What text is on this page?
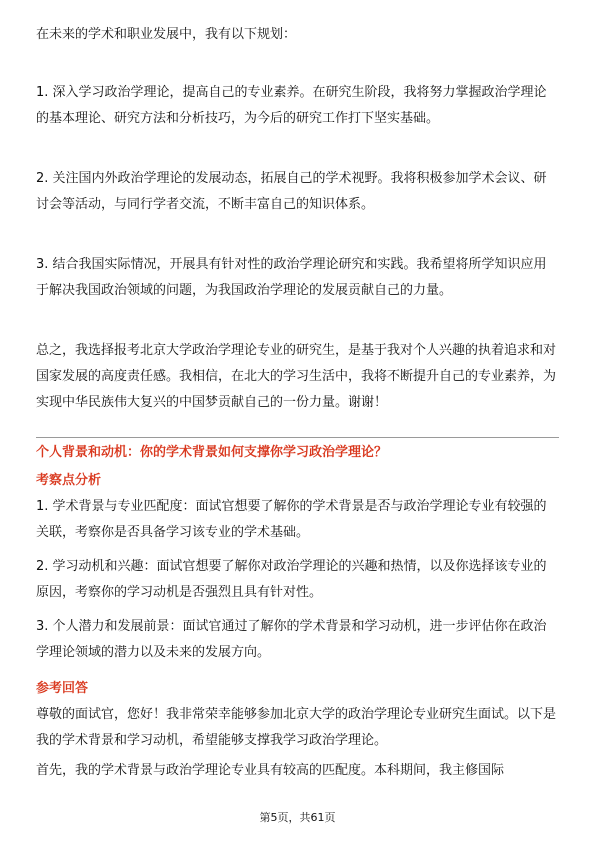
在未来的学术和职业发展中，我有以下规划：

1. 深入学习政治学理论，提高自己的专业素养。在研究生阶段，我将努力掌握政治学理论的基本理论、研究方法和分析技巧，为今后的研究工作打下坚实基础。

2. 关注国内外政治学理论的发展动态，拓展自己的学术视野。我将积极参加学术会议、研讨会等活动，与同行学者交流，不断丰富自己的知识体系。

3. 结合我国实际情况，开展具有针对性的政治学理论研究和实践。我希望将所学知识应用于解决我国政治领域的问题，为我国政治学理论的发展贡献自己的力量。

总之，我选择报考北京大学政治学理论专业的研究生，是基于我对个人兴趣的执着追求和对国家发展的高度责任感。我相信，在北大的学习生活中，我将不断提升自己的专业素养，为实现中华民族伟大复兴的中国梦贡献自己的一份力量。谢谢！

个人背景和动机：你的学术背景如何支撑你学习政治学理论？
考察点分析

1. 学术背景与专业匹配度：面试官想要了解你的学术背景是否与政治学理论专业有较强的关联，考察你是否具备学习该专业的学术基础。

2. 学习动机和兴趣：面试官想要了解你对政治学理论的兴趣和热情，以及你选择该专业的原因，考察你的学习动机是否强烈且具有针对性。

3. 个人潜力和发展前景：面试官通过了解你的学术背景和学习动机，进一步评估你在政治学理论领域的潜力以及未来的发展方向。

参考回答

尊敬的面试官，您好！我非常荣幸能够参加北京大学的政治学理论专业研究生面试。以下是我的学术背景和学习动机，希望能够支撑我学习政治学理论。

首先，我的学术背景与政治学理论专业具有较高的匹配度。本科期间，我主修国际

第5页，共61页
